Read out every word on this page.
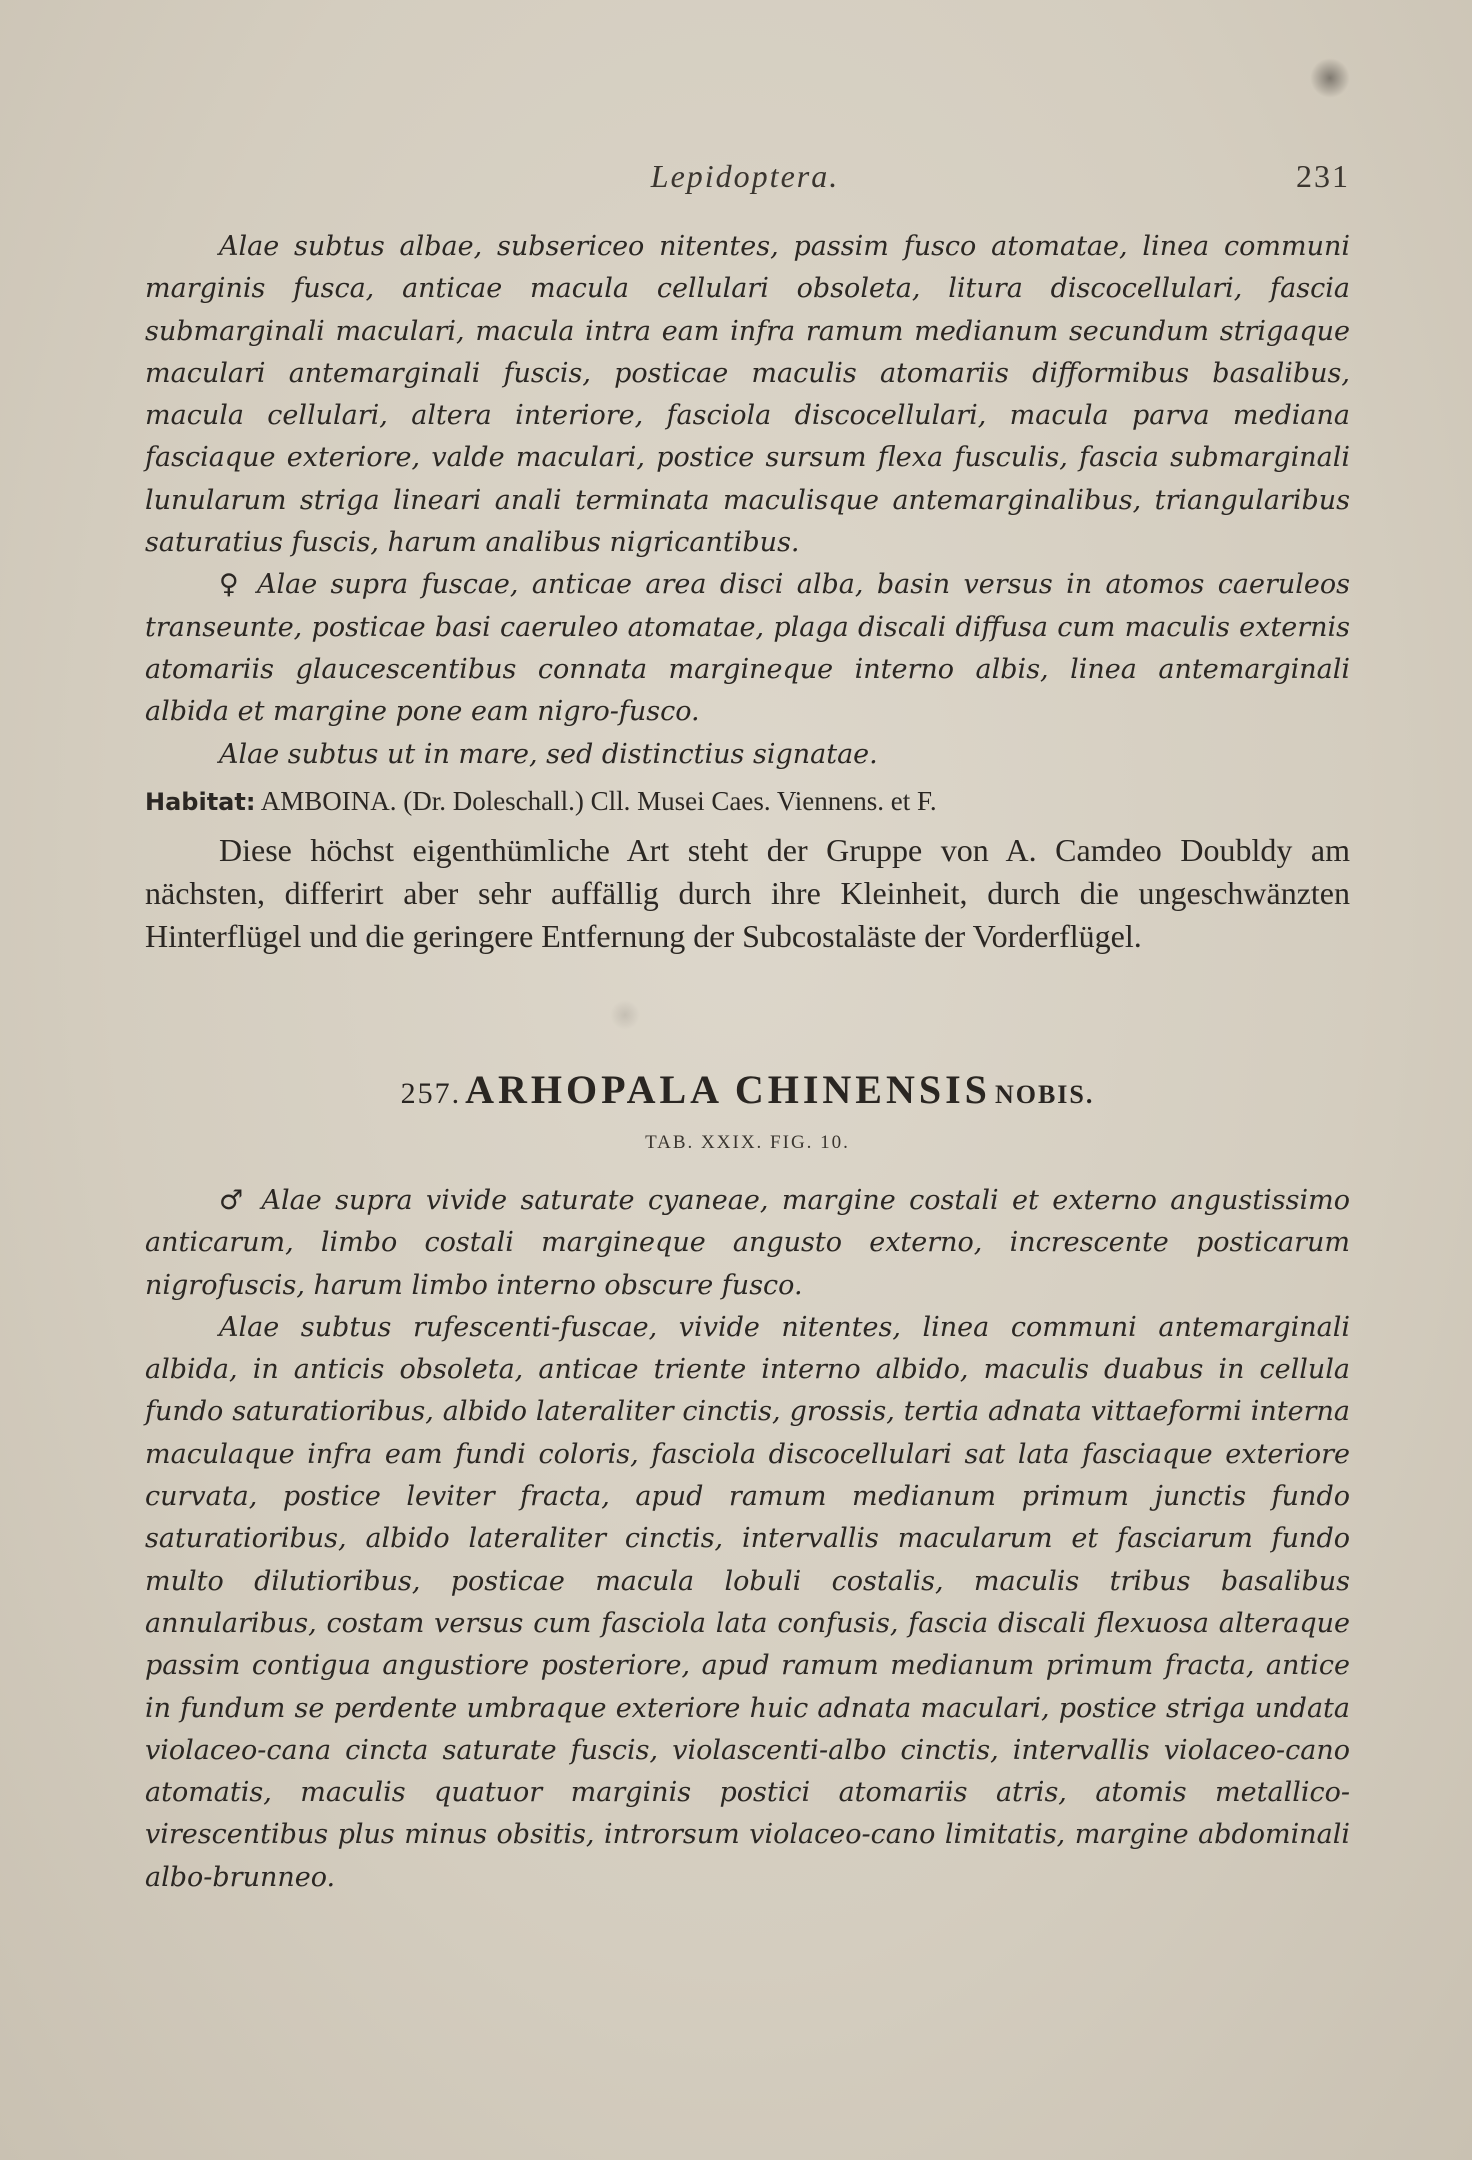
Lepidoptera.	231

Alae subtus albae, subsericeo nitentes, passim fusco atomatae, linea communi marginis fusca, anticae macula cellulari obsoleta, litura discocellulari, fascia submarginali maculari, macula intra eam infra ramum medianum secundum strigaque maculari antemarginali fuscis, posticae maculis atomariis difformibus basalibus, macula cellulari, altera interiore, fasciola discocellulari, macula parva mediana fasciaque exteriore, valde maculari, postice sursum flexa fusculis, fascia submarginali lunularum striga lineari anali terminata maculisque antemarginalibus, triangularibus saturatius fuscis, harum analibus nigricantibus.

♀ Alae supra fuscae, anticae area disci alba, basin versus in atomos caeruleos transeunte, posticae basi caeruleo atomatae, plaga discali diffusa cum maculis externis atomariis glaucescentibus connata margineque interno albis, linea antemarginali albida et margine pone eam nigro-fusco.

Alae subtus ut in mare, sed distinctius signatae.

Habitat: AMBOINA. (Dr. Doleschall.) Cll. Musei Caes. Viennens. et F.

Diese höchst eigenthümliche Art steht der Gruppe von A. Camdeo Doubldy am nächsten, differirt aber sehr auffällig durch ihre Kleinheit, durch die ungeschwänzten Hinterflügel und die geringere Entfernung der Subcostaläste der Vorderflügel.

257. ARHOPALA CHINENSIS NOBIS.
TAB. XXIX. FIG. 10.

♂ Alae supra vivide saturate cyaneae, margine costali et externo angustissimo anticarum, limbo costali margineque angusto externo, increscente posticarum nigrofuscis, harum limbo interno obscure fusco.

Alae subtus rufescenti-fuscae, vivide nitentes, linea communi antemarginali albida, in anticis obsoleta, anticae triente interno albido, maculis duabus in cellula fundo saturatioribus, albido lateraliter cinctis, grossis, tertia adnata vittaeformi interna maculaque infra eam fundi coloris, fasciola discocellulari sat lata fasciaque exteriore curvata, postice leviter fracta, apud ramum medianum primum junctis fundo saturatioribus, albido lateraliter cinctis, intervallis macularum et fasciarum fundo multo dilutioribus, posticae macula lobuli costalis, maculis tribus basalibus annularibus, costam versus cum fasciola lata confusis, fascia discali flexuosa alteraque passim contigua angustiore posteriore, apud ramum medianum primum fracta, antice in fundum se perdente umbraque exteriore huic adnata maculari, postice striga undata violaceo-cana cincta saturate fuscis, violascenti-albo cinctis, intervallis violaceo-cano atomatis, maculis quatuor marginis postici atomariis atris, atomis metallico-virescentibus plus minus obsitis, introrsum violaceo-cano limitatis, margine abdominali albo-brunneo.
